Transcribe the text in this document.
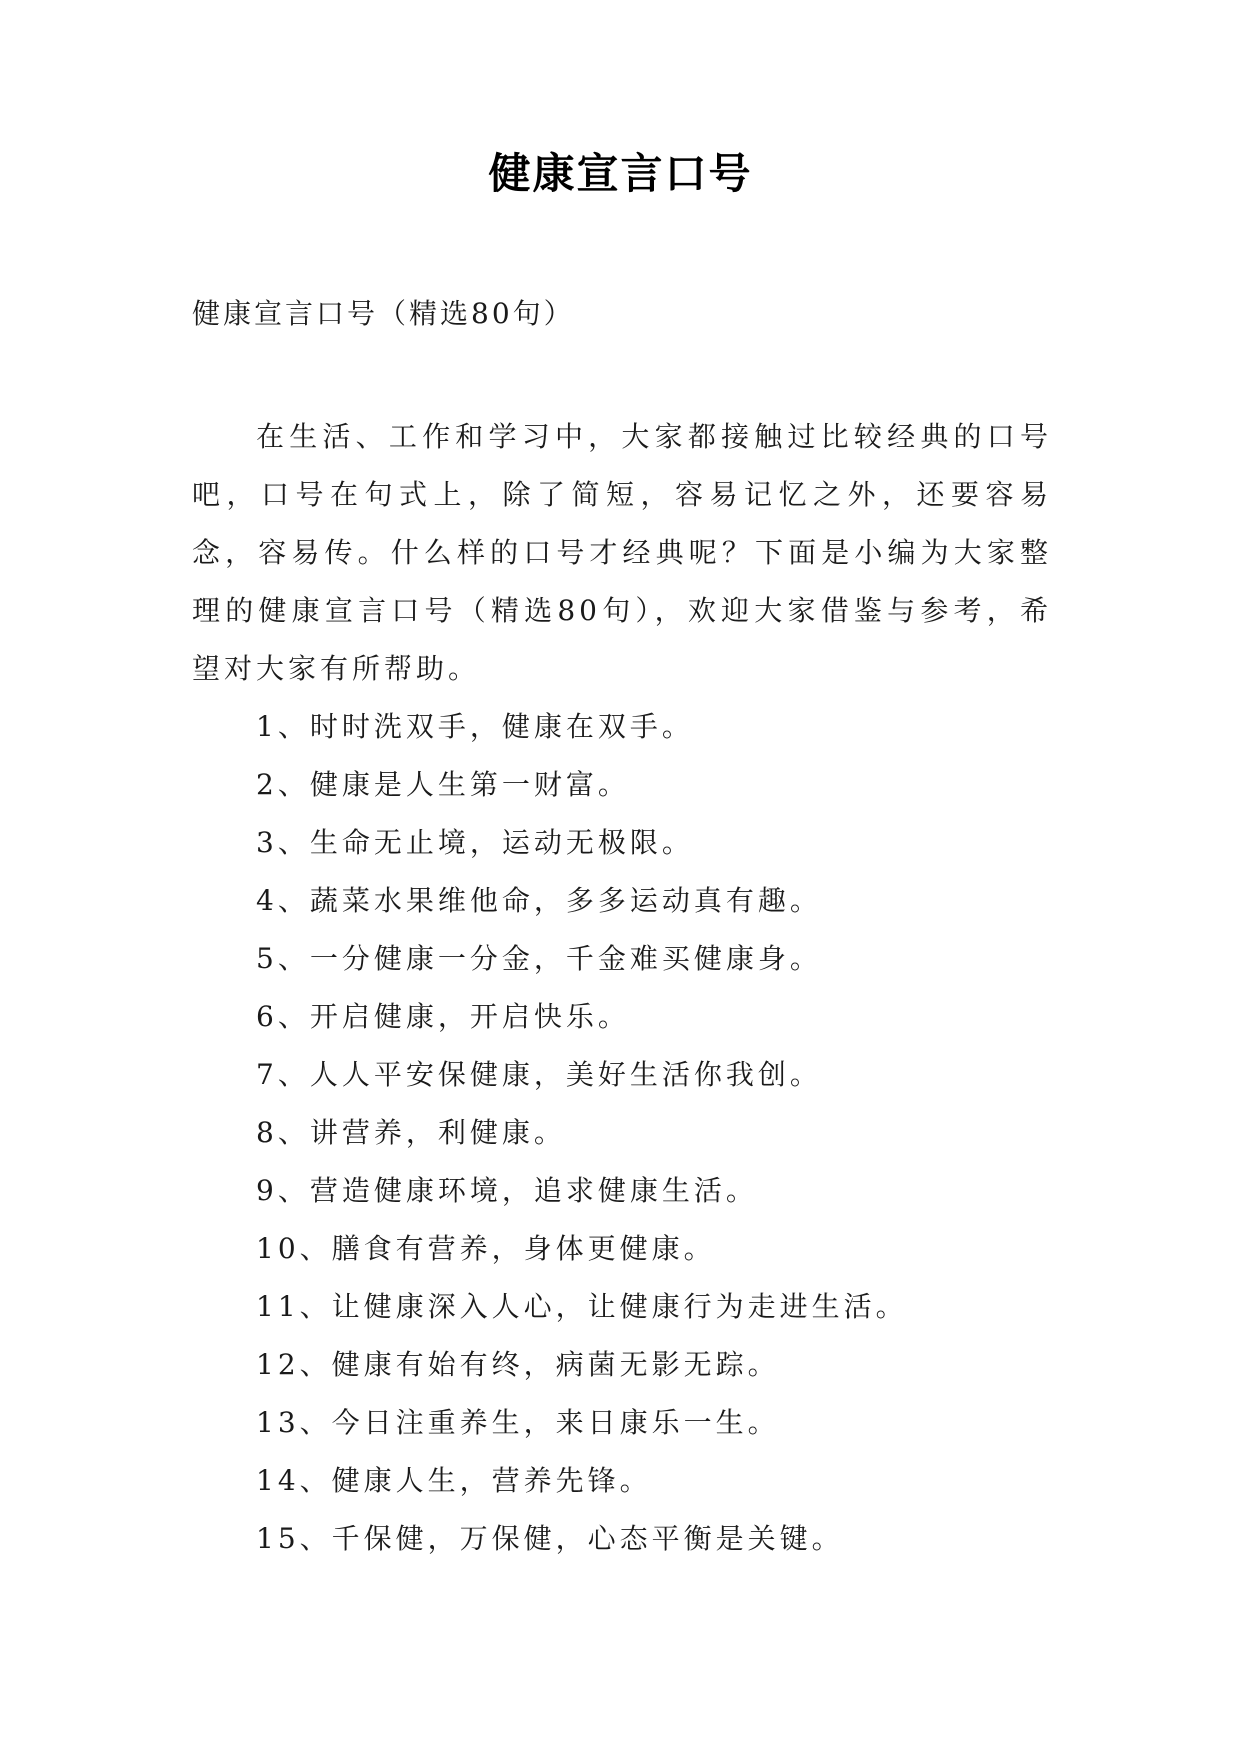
健康宣言口号

健康宣言口号（精选80句）

在生活、工作和学习中，大家都接触过比较经典的口号吧，口号在句式上，除了简短，容易记忆之外，还要容易念，容易传。什么样的口号才经典呢？下面是小编为大家整理的健康宣言口号（精选80句），欢迎大家借鉴与参考，希望对大家有所帮助。

1、时时洗双手，健康在双手。
2、健康是人生第一财富。
3、生命无止境，运动无极限。
4、蔬菜水果维他命，多多运动真有趣。
5、一分健康一分金，千金难买健康身。
6、开启健康，开启快乐。
7、人人平安保健康，美好生活你我创。
8、讲营养，利健康。
9、营造健康环境，追求健康生活。
10、膳食有营养，身体更健康。
11、让健康深入人心，让健康行为走进生活。
12、健康有始有终，病菌无影无踪。
13、今日注重养生，来日康乐一生。
14、健康人生，营养先锋。
15、千保健，万保健，心态平衡是关键。
